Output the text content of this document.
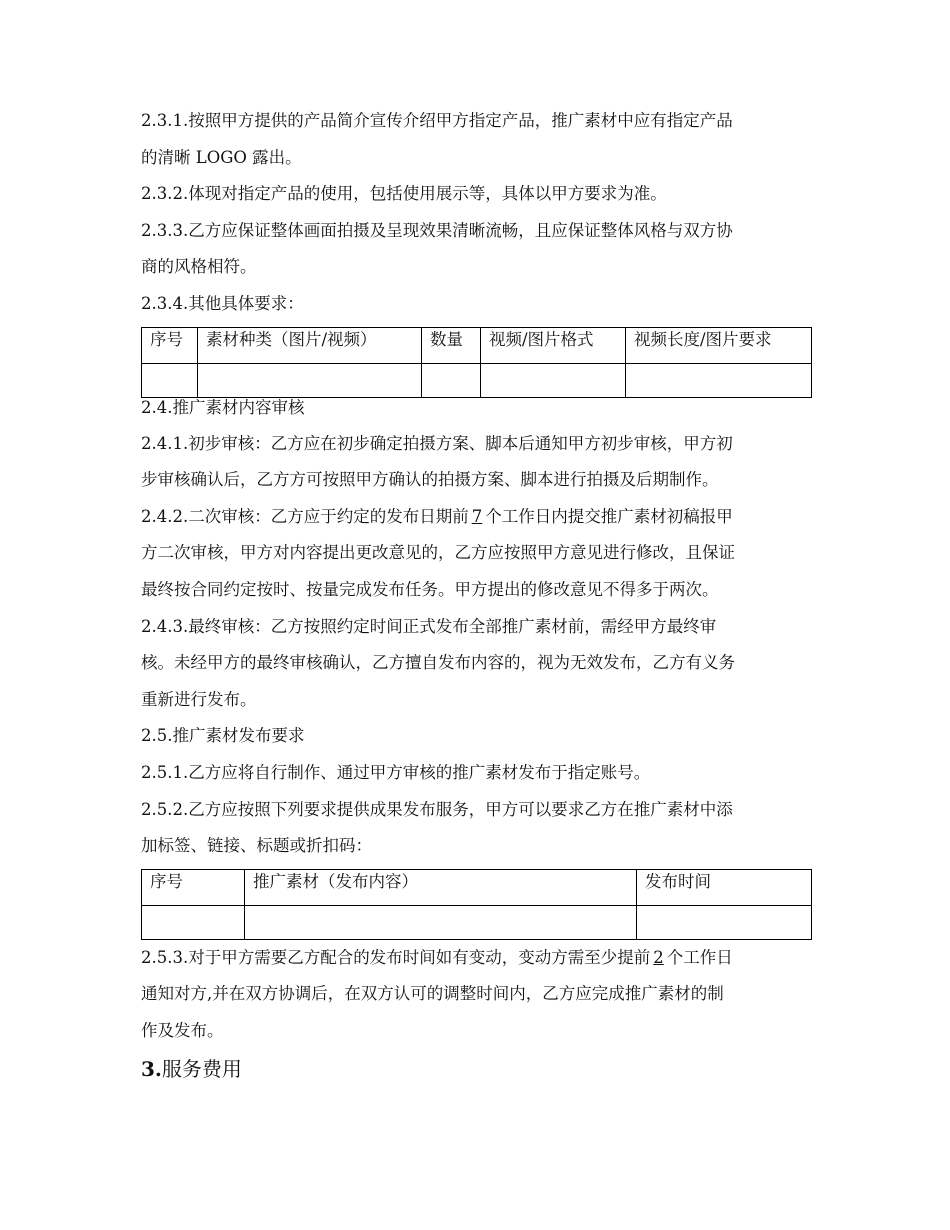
2.3.1.按照甲方提供的产品简介宣传介绍甲方指定产品，推广素材中应有指定产品

的清晰 LOGO 露出。

2.3.2.体现对指定产品的使用，包括使用展示等，具体以甲方要求为准。

2.3.3.乙方应保证整体画面拍摄及呈现效果清晰流畅，且应保证整体风格与双方协

商的风格相符。

2.3.4.其他具体要求：

序号	素材种类（图片/视频）	数量	视频/图片格式	视频长度/图片要求

2.4.推广素材内容审核

2.4.1.初步审核：乙方应在初步确定拍摄方案、脚本后通知甲方初步审核，甲方初

步审核确认后，乙方方可按照甲方确认的拍摄方案、脚本进行拍摄及后期制作。

2.4.2.二次审核：乙方应于约定的发布日期前 7 个工作日内提交推广素材初稿报甲

方二次审核，甲方对内容提出更改意见的，乙方应按照甲方意见进行修改，且保证

最终按合同约定按时、按量完成发布任务。甲方提出的修改意见不得多于两次。

2.4.3.最终审核：乙方按照约定时间正式发布全部推广素材前，需经甲方最终审

核。未经甲方的最终审核确认，乙方擅自发布内容的，视为无效发布，乙方有义务

重新进行发布。

2.5.推广素材发布要求

2.5.1.乙方应将自行制作、通过甲方审核的推广素材发布于指定账号。

2.5.2.乙方应按照下列要求提供成果发布服务，甲方可以要求乙方在推广素材中添

加标签、链接、标题或折扣码：

序号	推广素材（发布内容）	发布时间

2.5.3.对于甲方需要乙方配合的发布时间如有变动，变动方需至少提前 2 个工作日

通知对方,并在双方协调后，在双方认可的调整时间内，乙方应完成推广素材的制

作及发布。

3.服务费用
